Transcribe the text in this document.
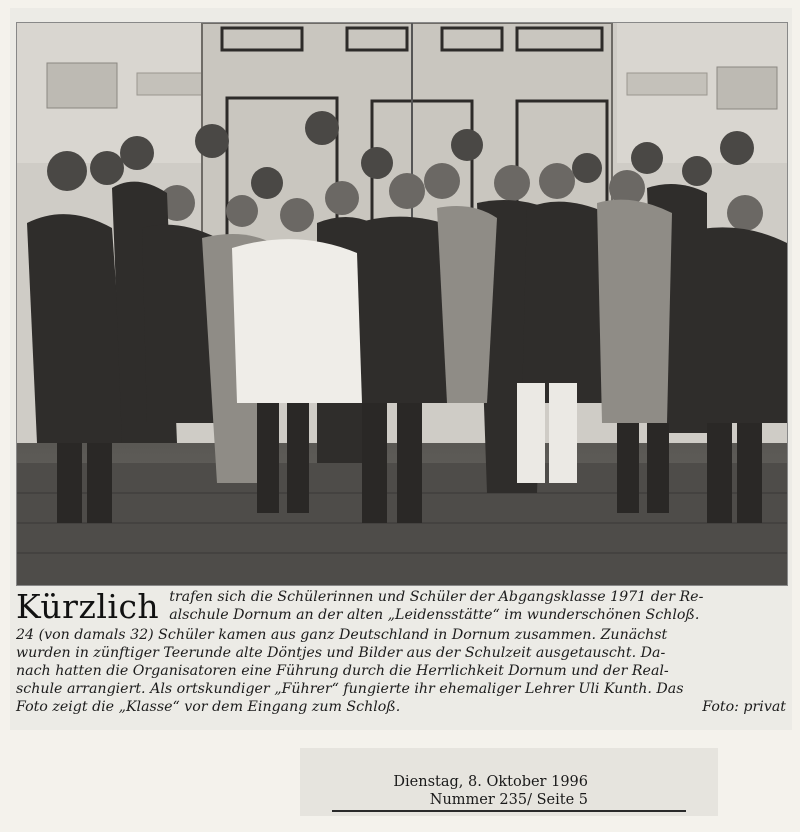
Kürzlich trafen sich die Schülerinnen und Schüler der Abgangsklasse 1971 der Re-
alschule Dornum an der alten „Leidensstätte“ im wunderschönen Schloß.
24 (von damals 32) Schüler kamen aus ganz Deutschland in Dornum zusammen. Zunächst
wurden in zünftiger Teerunde alte Döntjes und Bilder aus der Schulzeit ausgetauscht. Da-
nach hatten die Organisatoren eine Führung durch die Herrlichkeit Dornum und der Real-
schule arrangiert. Als ortskundiger „Führer“ fungierte ihr ehemaliger Lehrer Uli Kunth. Das
Foto zeigt die „Klasse“ vor dem Eingang zum Schloß.	Foto: privat
Dienstag, 8. Oktober 1996
Nummer 235/ Seite 5
